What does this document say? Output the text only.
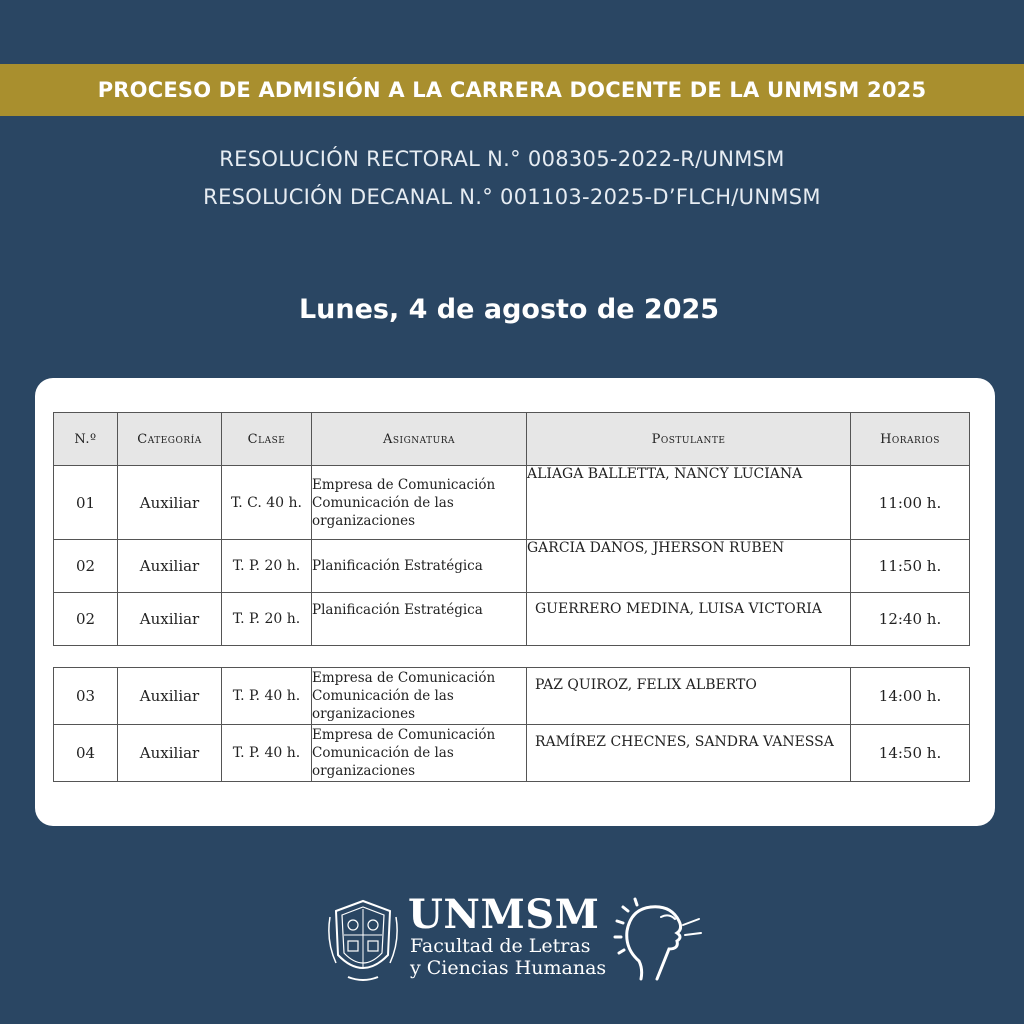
PROCESO DE ADMISIÓN A LA CARRERA DOCENTE DE LA UNMSM 2025
RESOLUCIÓN RECTORAL N.° 008305-2022-R/UNMSM
RESOLUCIÓN DECANAL N.° 001103-2025-D’FLCH/UNMSM
Lunes, 4 de agosto de 2025
N.º	Categoría	Clase	Asignatura	Postulante	Horarios
01	Auxiliar	T. C. 40 h.	Empresa de Comunicación
Comunicación de las
organizaciones	ALIAGA BALLETTA, NANCY LUCIANA	11:00 h.
02	Auxiliar	T. P. 20 h.	Planificación Estratégica	GARCIA DANOS, JHERSON RUBEN	11:50 h.
02	Auxiliar	T. P. 20 h.	Planificación Estratégica	GUERRERO MEDINA, LUISA VICTORIA	12:40 h.
03	Auxiliar	T. P. 40 h.	Empresa de Comunicación
Comunicación de las
organizaciones	PAZ QUIROZ, FELIX ALBERTO	14:00 h.
04	Auxiliar	T. P. 40 h.	Empresa de Comunicación
Comunicación de las
organizaciones	RAMÍREZ CHECNES, SANDRA VANESSA	14:50 h.
UNMSM
Facultad de Letras
y Ciencias Humanas
